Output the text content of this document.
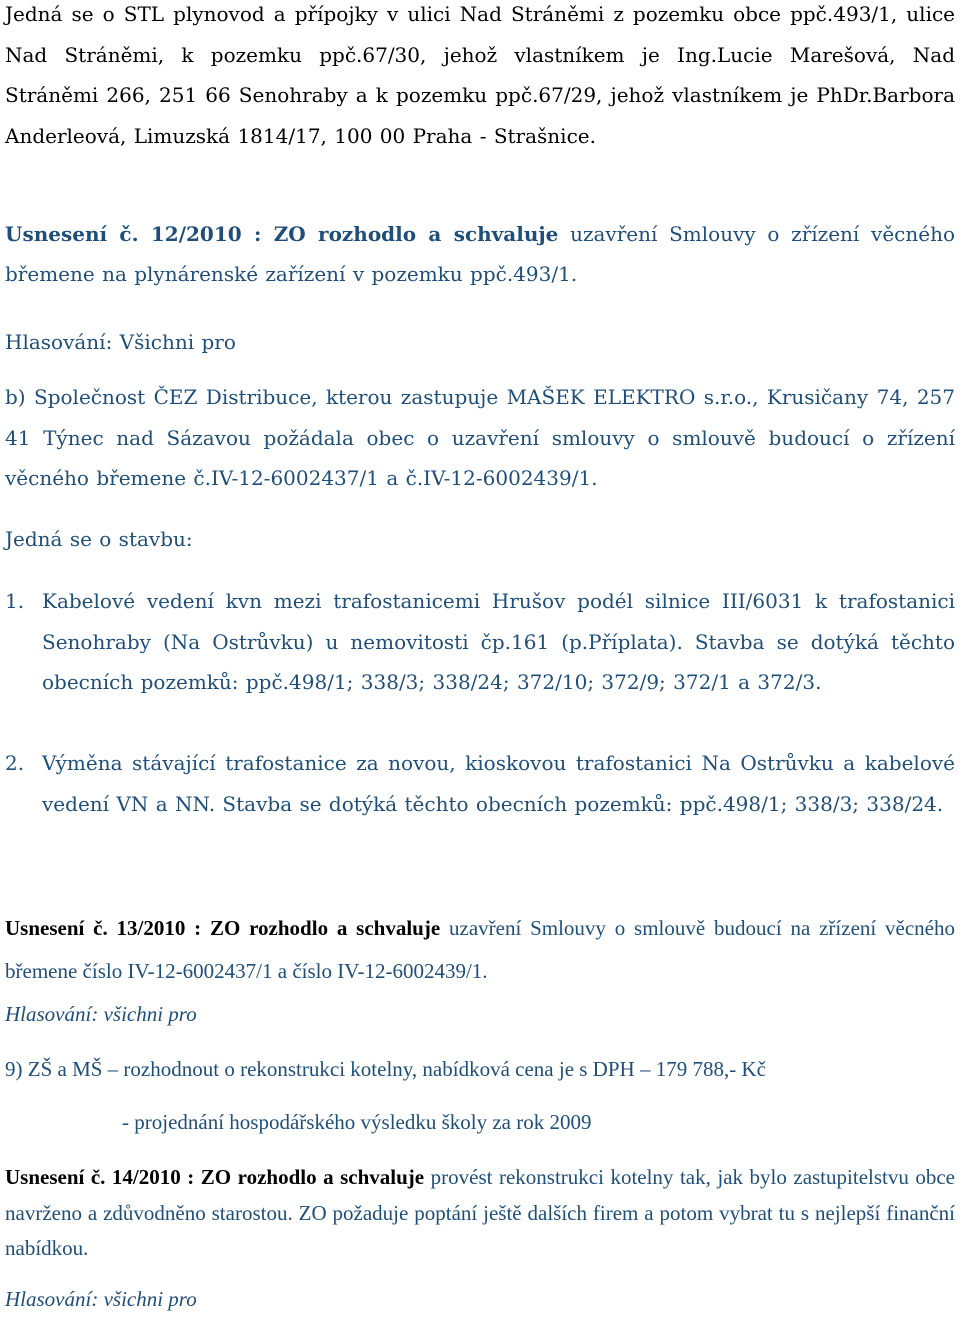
Jedná se o STL plynovod a přípojky v ulici Nad Stráněmi z pozemku obce ppč.493/1, ulice Nad Stráněmi, k pozemku ppč.67/30, jehož vlastníkem je Ing.Lucie Marešová, Nad Stráněmi 266, 251 66 Senohraby a k pozemku ppč.67/29, jehož vlastníkem je PhDr.Barbora Anderleová, Limuzská 1814/17, 100 00 Praha - Strašnice.

Usnesení č. 12/2010 : ZO rozhodlo a schvaluje uzavření Smlouvy o zřízení věcného břemene na plynárenské zařízení v pozemku ppč.493/1.

Hlasování: Všichni pro

b) Společnost ČEZ Distribuce, kterou zastupuje MAŠEK ELEKTRO s.r.o., Krusičany 74, 257 41 Týnec nad Sázavou požádala obec o uzavření smlouvy o smlouvě budoucí o zřízení věcného břemene č.IV-12-6002437/1 a č.IV-12-6002439/1.

Jedná se o stavbu:

1. Kabelové vedení kvn mezi trafostanicemi Hrušov podél silnice III/6031 k trafostanici Senohraby (Na Ostrůvku) u nemovitosti čp.161 (p.Příplata). Stavba se dotýká těchto obecních pozemků: ppč.498/1; 338/3; 338/24; 372/10; 372/9; 372/1 a 372/3.

2. Výměna stávající trafostanice za novou, kioskovou trafostanici Na Ostrůvku a kabelové vedení VN a NN. Stavba se dotýká těchto obecních pozemků: ppč.498/1; 338/3; 338/24.

Usnesení č. 13/2010 : ZO rozhodlo a schvaluje uzavření Smlouvy o smlouvě budoucí na zřízení věcného břemene číslo IV-12-6002437/1 a číslo IV-12-6002439/1.

Hlasování: všichni pro

9) ZŠ a MŠ – rozhodnout o rekonstrukci kotelny, nabídková cena je s DPH – 179 788,- Kč

- projednání hospodářského výsledku školy za rok 2009

Usnesení č. 14/2010 : ZO rozhodlo a schvaluje provést rekonstrukci kotelny tak, jak bylo zastupitelstvu obce navrženo a zdůvodněno starostou. ZO požaduje poptání ještě dalších firem a potom vybrat tu s nejlepší finanční nabídkou.

Hlasování: všichni pro
